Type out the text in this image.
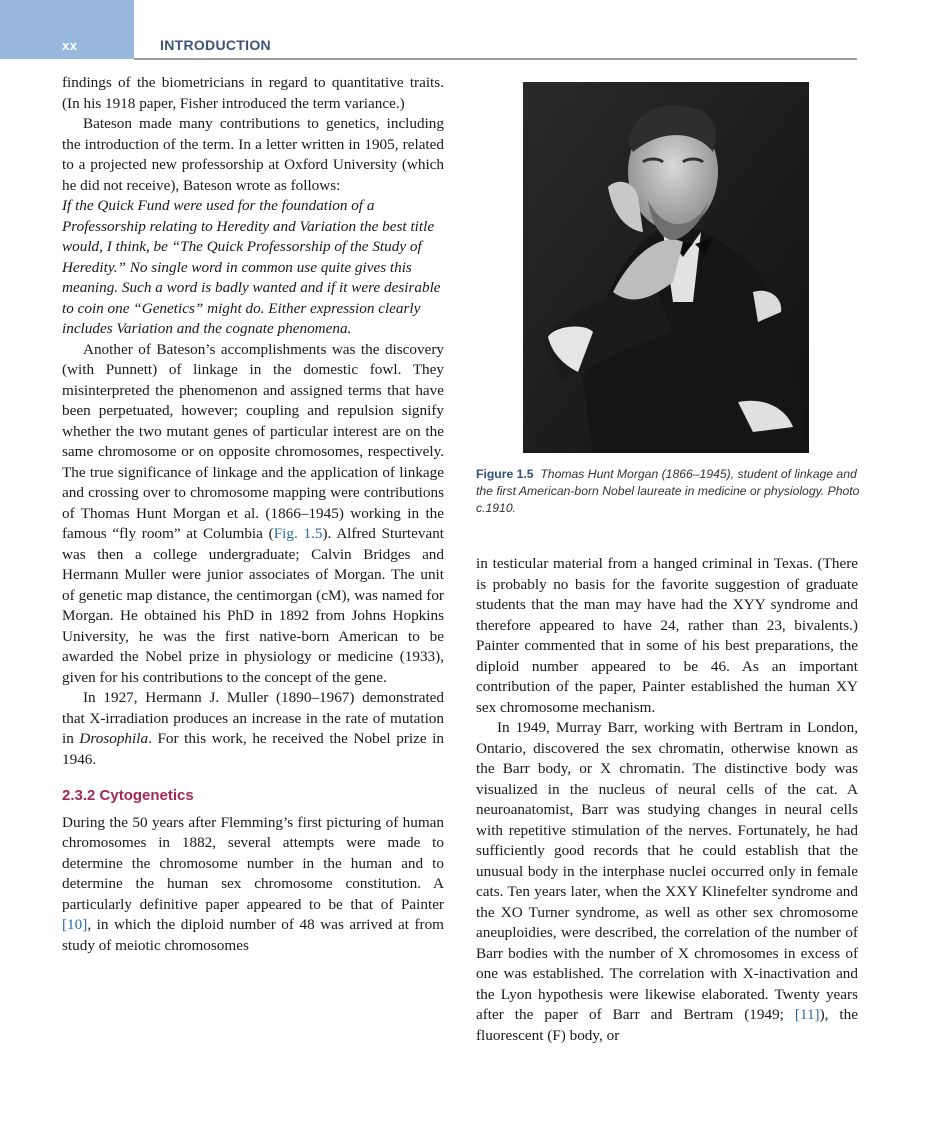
xx	INTRODUCTION

findings of the biometricians in regard to quantitative traits. (In his 1918 paper, Fisher introduced the term variance.)

Bateson made many contributions to genetics, including the introduction of the term. In a letter written in 1905, related to a projected new professorship at Oxford University (which he did not receive), Bateson wrote as follows:

If the Quick Fund were used for the foundation of a Professorship relating to Heredity and Variation the best title would, I think, be “The Quick Professorship of the Study of Heredity.” No single word in common use quite gives this meaning. Such a word is badly wanted and if it were desirable to coin one “Genetics” might do. Either expression clearly includes Variation and the cognate phenomena.

Another of Bateson’s accomplishments was the discovery (with Punnett) of linkage in the domestic fowl. They misinterpreted the phenomenon and assigned terms that have been perpetuated, however; coupling and repulsion signify whether the two mutant genes of particular interest are on the same chromosome or on opposite chromosomes, respectively. The true significance of linkage and the application of linkage and crossing over to chromosome mapping were contributions of Thomas Hunt Morgan et al. (1866–1945) working in the famous “fly room” at Columbia (Fig. 1.5). Alfred Sturtevant was then a college undergraduate; Calvin Bridges and Hermann Muller were junior associates of Morgan. The unit of genetic map distance, the centimorgan (cM), was named for Morgan. He obtained his PhD in 1892 from Johns Hopkins University, he was the first native-born American to be awarded the Nobel prize in physiology or medicine (1933), given for his contributions to the concept of the gene.

In 1927, Hermann J. Muller (1890–1967) demonstrated that X-irradiation produces an increase in the rate of mutation in Drosophila. For this work, he received the Nobel prize in 1946.

2.3.2 Cytogenetics

During the 50 years after Flemming’s first picturing of human chromosomes in 1882, several attempts were made to determine the chromosome number in the human and to determine the human sex chromosome constitution. A particularly definitive paper appeared to be that of Painter [10], in which the diploid number of 48 was arrived at from study of meiotic chromosomes

Figure 1.5 Thomas Hunt Morgan (1866–1945), student of linkage and the first American-born Nobel laureate in medicine or physiology. Photo c.1910.

in testicular material from a hanged criminal in Texas. (There is probably no basis for the favorite suggestion of graduate students that the man may have had the XYY syndrome and therefore appeared to have 24, rather than 23, bivalents.) Painter commented that in some of his best preparations, the diploid number appeared to be 46. As an important contribution of the paper, Painter established the human XY sex chromosome mechanism.

In 1949, Murray Barr, working with Bertram in London, Ontario, discovered the sex chromatin, otherwise known as the Barr body, or X chromatin. The distinctive body was visualized in the nucleus of neural cells of the cat. A neuroanatomist, Barr was studying changes in neural cells with repetitive stimulation of the nerves. Fortunately, he had sufficiently good records that he could establish that the unusual body in the interphase nuclei occurred only in female cats. Ten years later, when the XXY Klinefelter syndrome and the XO Turner syndrome, as well as other sex chromosome aneuploidies, were described, the correlation of the number of Barr bodies with the number of X chromosomes in excess of one was established. The correlation with X-inactivation and the Lyon hypothesis were likewise elaborated. Twenty years after the paper of Barr and Bertram (1949; [11]), the fluorescent (F) body, or
